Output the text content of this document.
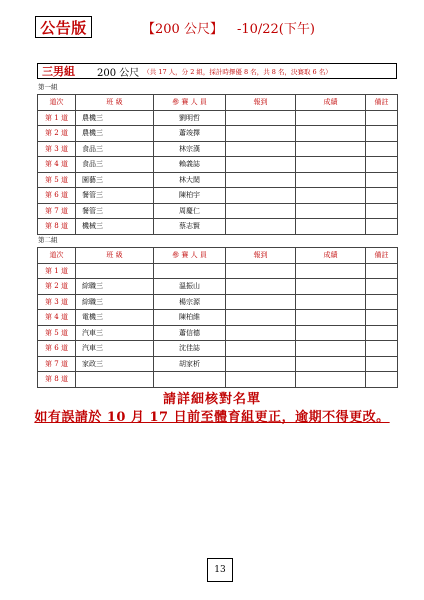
公告版	【200 公尺】 -10/22(下午)
三男組 200 公尺 （共 17 人，分 2 組，採計時擇優 8 名，共 8 名，決賽取 6 名）
第一組
道次	班 級	參 賽 人 員	報到	成績	備註
第 1 道	農機三	劉明哲			
第 2 道	農機三	蕭竣擇			
第 3 道	食品三	林宗漢			
第 4 道	食品三	賴義誌			
第 5 道	園藝三	林大閎			
第 6 道	餐管三	陳柏宇			
第 7 道	餐管三	周慶仁			
第 8 道	機械三	蔡志賢			
第二組
道次	班 級	參 賽 人 員	報到	成績	備註
第 1 道					
第 2 道	綜職三	溫振山			
第 3 道	綜職三	楊宗源			
第 4 道	電機三	陳柏維			
第 5 道	汽車三	蕭信德			
第 6 道	汽車三	沈佳誌			
第 7 道	家政三	胡家析			
第 8 道					
請詳細核對名單
如有誤請於 10 月 17 日前至體育組更正，逾期不得更改。
13
